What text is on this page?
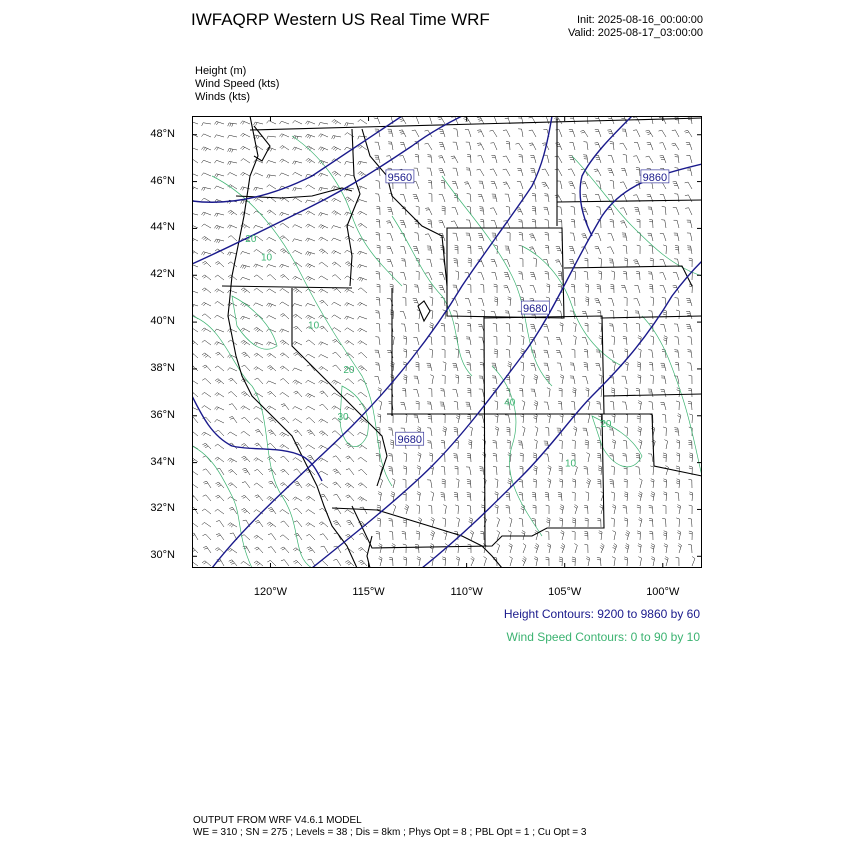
IWFAQRP Western US Real Time WRF	Init: 2025-08-16_00:00:00
Valid: 2025-08-17_03:00:00
Height (m)
Wind Speed (kts)
Winds (kts)
48°N
46°N
44°N
42°N
40°N
38°N
36°N
34°N
32°N
30°N
120°W	115°W	110°W	105°W	100°W
9560	9860
9680
9680
20
30
10
40
20
10
10
20
Height Contours: 9200 to 9860 by 60
Wind Speed Contours: 0 to 90 by 10
OUTPUT FROM WRF V4.6.1 MODEL
WE = 310 ; SN = 275 ; Levels = 38 ; Dis = 8km ; Phys Opt = 8 ; PBL Opt = 1 ; Cu Opt = 3
